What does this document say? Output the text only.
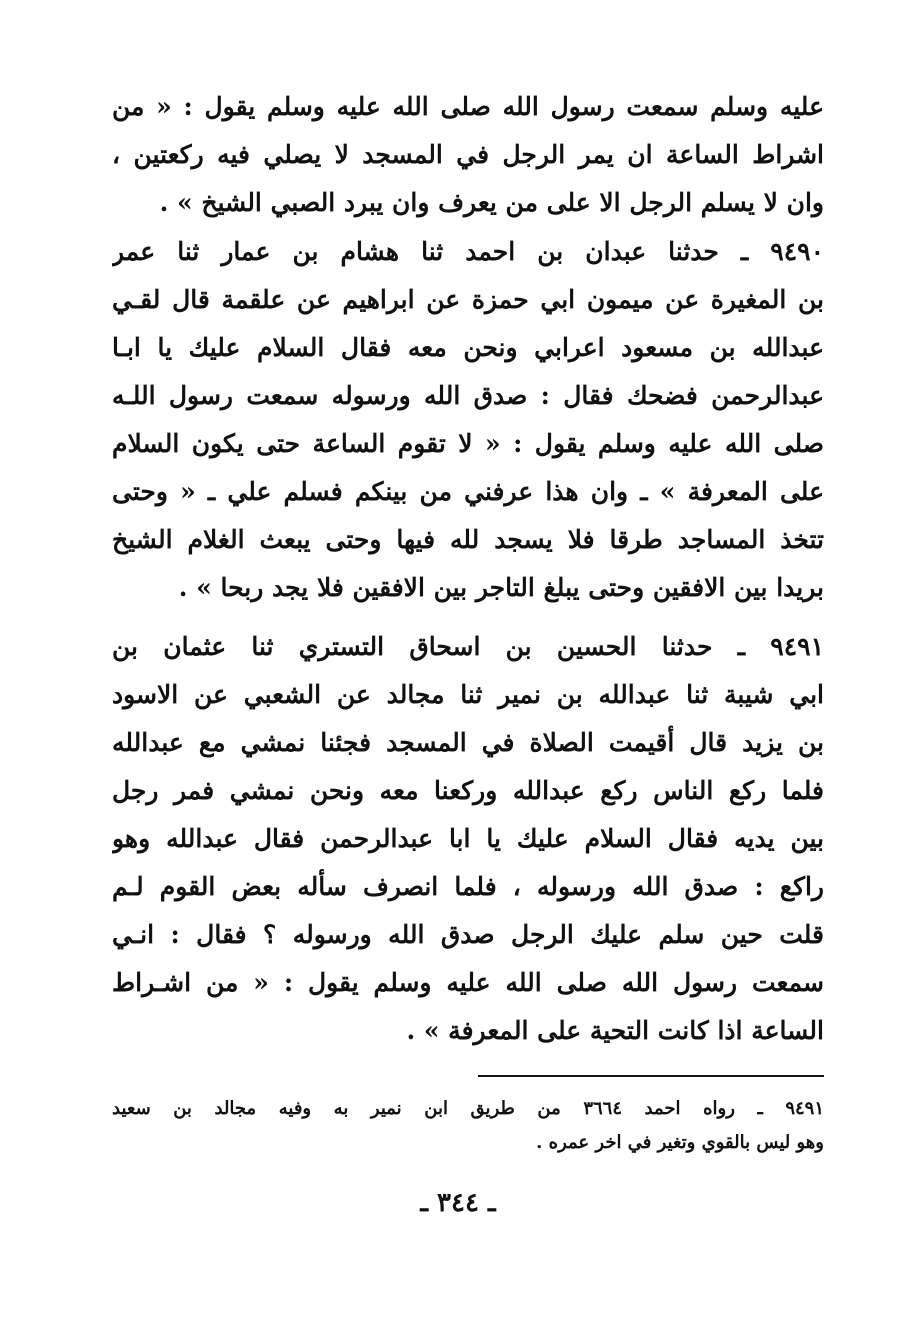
عليه وسلم سمعت رسول الله صلى الله عليه وسلم يقول : « من
اشراط الساعة ان يمر الرجل في المسجد لا يصلي فيه ركعتين ،
وان لا يسلم الرجل الا على من يعرف وان يبرد الصبي الشيخ » .
٩٤٩٠ ـ حدثنا عبدان بن احمد ثنا هشام بن عمار ثنا عمر
بن المغيرة عن ميمون ابي حمزة عن ابراهيم عن علقمة قال لقـي
عبدالله بن مسعود اعرابي ونحن معه فقال السلام عليك يا ابـا
عبدالرحمن فضحك فقال : صدق الله ورسوله سمعت رسول اللـه
صلى الله عليه وسلم يقول : « لا تقوم الساعة حتى يكون السلام
على المعرفة » ـ وان هذا عرفني من بينكم فسلم علي ـ « وحتى
تتخذ المساجد طرقا فلا يسجد لله فيها وحتى يبعث الغلام الشيخ
بريدا بين الافقين وحتى يبلغ التاجر بين الافقين فلا يجد ربحا » .
٩٤٩١ ـ حدثنا الحسين بن اسحاق التستري ثنا عثمان بن
ابي شيبة ثنا عبدالله بن نمير ثنا مجالد عن الشعبي عن الاسود
بن يزيد قال أقيمت الصلاة في المسجد فجئنا نمشي مع عبدالله
فلما ركع الناس ركع عبدالله وركعنا معه ونحن نمشي فمر رجل
بين يديه فقال السلام عليك يا ابا عبدالرحمن فقال عبدالله وهو
راكع : صدق الله ورسوله ، فلما انصرف سأله بعض القوم لـم
قلت حين سلم عليك الرجل صدق الله ورسوله ؟ فقال : انـي
سمعت رسول الله صلى الله عليه وسلم يقول : « من اشـراط
الساعة اذا كانت التحية على المعرفة » .
٩٤٩١ ـ رواه احمد ٣٦٦٤ من طريق ابن نمير به وفيه مجالد بن سعيد
وهو ليس بالقوي وتغير في اخر عمره .
ـ ٣٤٤ ـ
